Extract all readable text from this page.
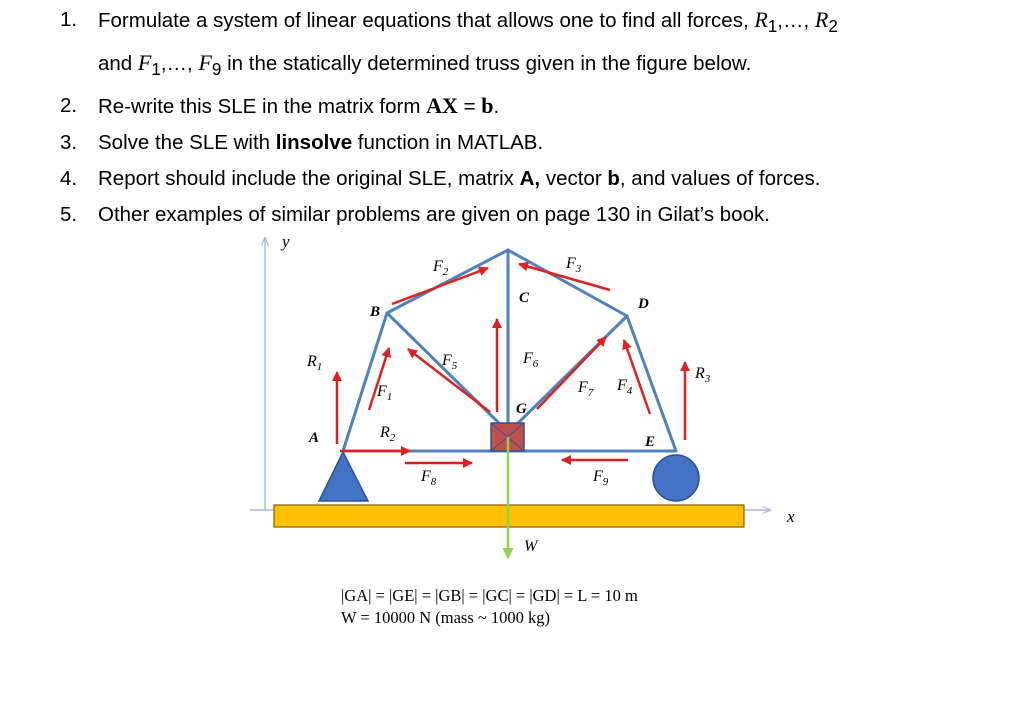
1.	Formulate a system of linear equations that allows one to find all forces, $R_1,\dots$, $R_2$
and $F_1,\dots$, $F_9$ in the statically determined truss given in the figure below.
2.	Re-write this SLE in the matrix form AX = b.
3.	Solve the SLE with linsolve function in MATLAB.
4.	Report should include the original SLE, matrix A, vector b, and values of forces.
5.	Other examples of similar problems are given on page 130 in Gilat’s book.
y
x
W
A
B
C	D
E
G
$F_2$	$F_3$
$F_5$	$F_6$
$F_1$
$F_7$ $F_4$
$R_1$	$R_3$
$R_2$
$F_8$	$F_9$
|GA| = |GE| = |GB| = |GC| = |GD| = L = 10 m
W = 10000 N (mass ~ 1000 kg)
